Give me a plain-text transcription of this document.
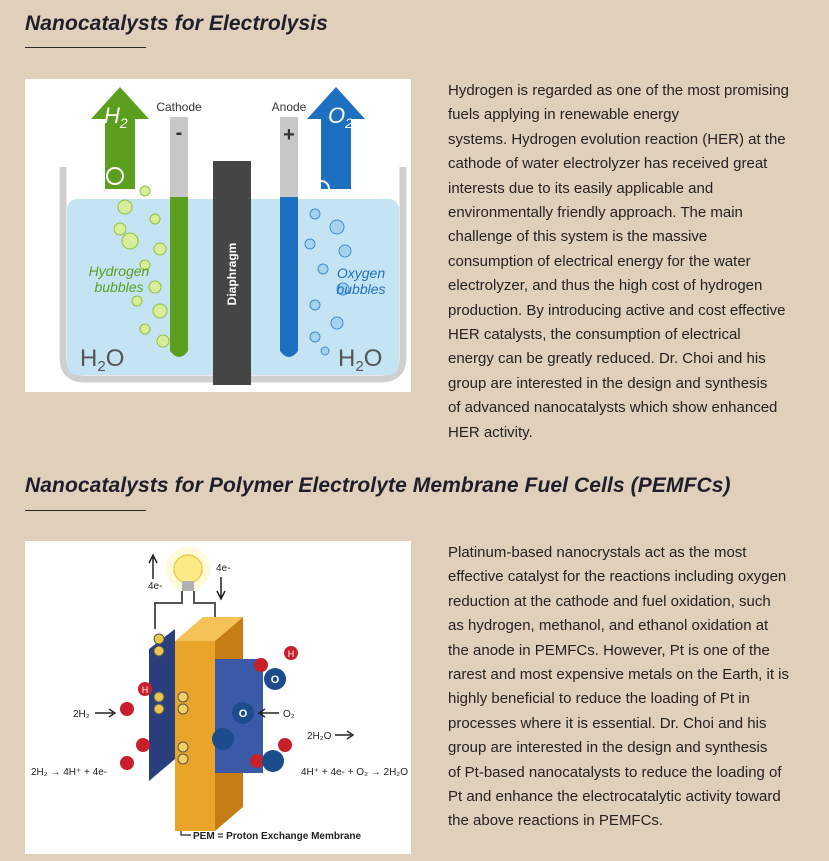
Nanocatalysts for Electrolysis
$H_2$	$O_2$
Cathode
-
Anode
+
Diaphragm
Hydrogen
bubbles
Oxygen
bubbles
$H_2O$	$H_2O$

Hydrogen is regarded as one of the most promising
fuels applying in renewable energy
systems. Hydrogen evolution reaction (HER) at the
cathode of water electrolyzer has received great
interests due to its easily applicable and
environmentally friendly approach. The main
challenge of this system is the massive
consumption of electrical energy for the water
electrolyzer, and thus the high cost of hydrogen
production. By introducing active and cost effective
HER catalysts, the consumption of electrical
energy can be greatly reduced. Dr. Choi and his
group are interested in the design and synthesis
of advanced nanocatalysts which show enhanced
HER activity.

Nanocatalysts for Polymer Electrolyte Membrane Fuel Cells (PEMFCs)
4e-
4e-
H
H
O
O
2H₂	O₂
2H₂O
2H₂ → 4H⁺ + 4e-	4H⁺ + 4e- + O₂ → 2H₂O
PEM = Proton Exchange Membrane

Platinum-based nanocrystals act as the most
effective catalyst for the reactions including oxygen
reduction at the cathode and fuel oxidation, such
as hydrogen, methanol, and ethanol oxidation at
the anode in PEMFCs. However, Pt is one of the
rarest and most expensive metals on the Earth, it is
highly beneficial to reduce the loading of Pt in
processes where it is essential. Dr. Choi and his
group are interested in the design and synthesis
of Pt-based nanocatalysts to reduce the loading of
Pt and enhance the electrocatalytic activity toward
the above reactions in PEMFCs.
